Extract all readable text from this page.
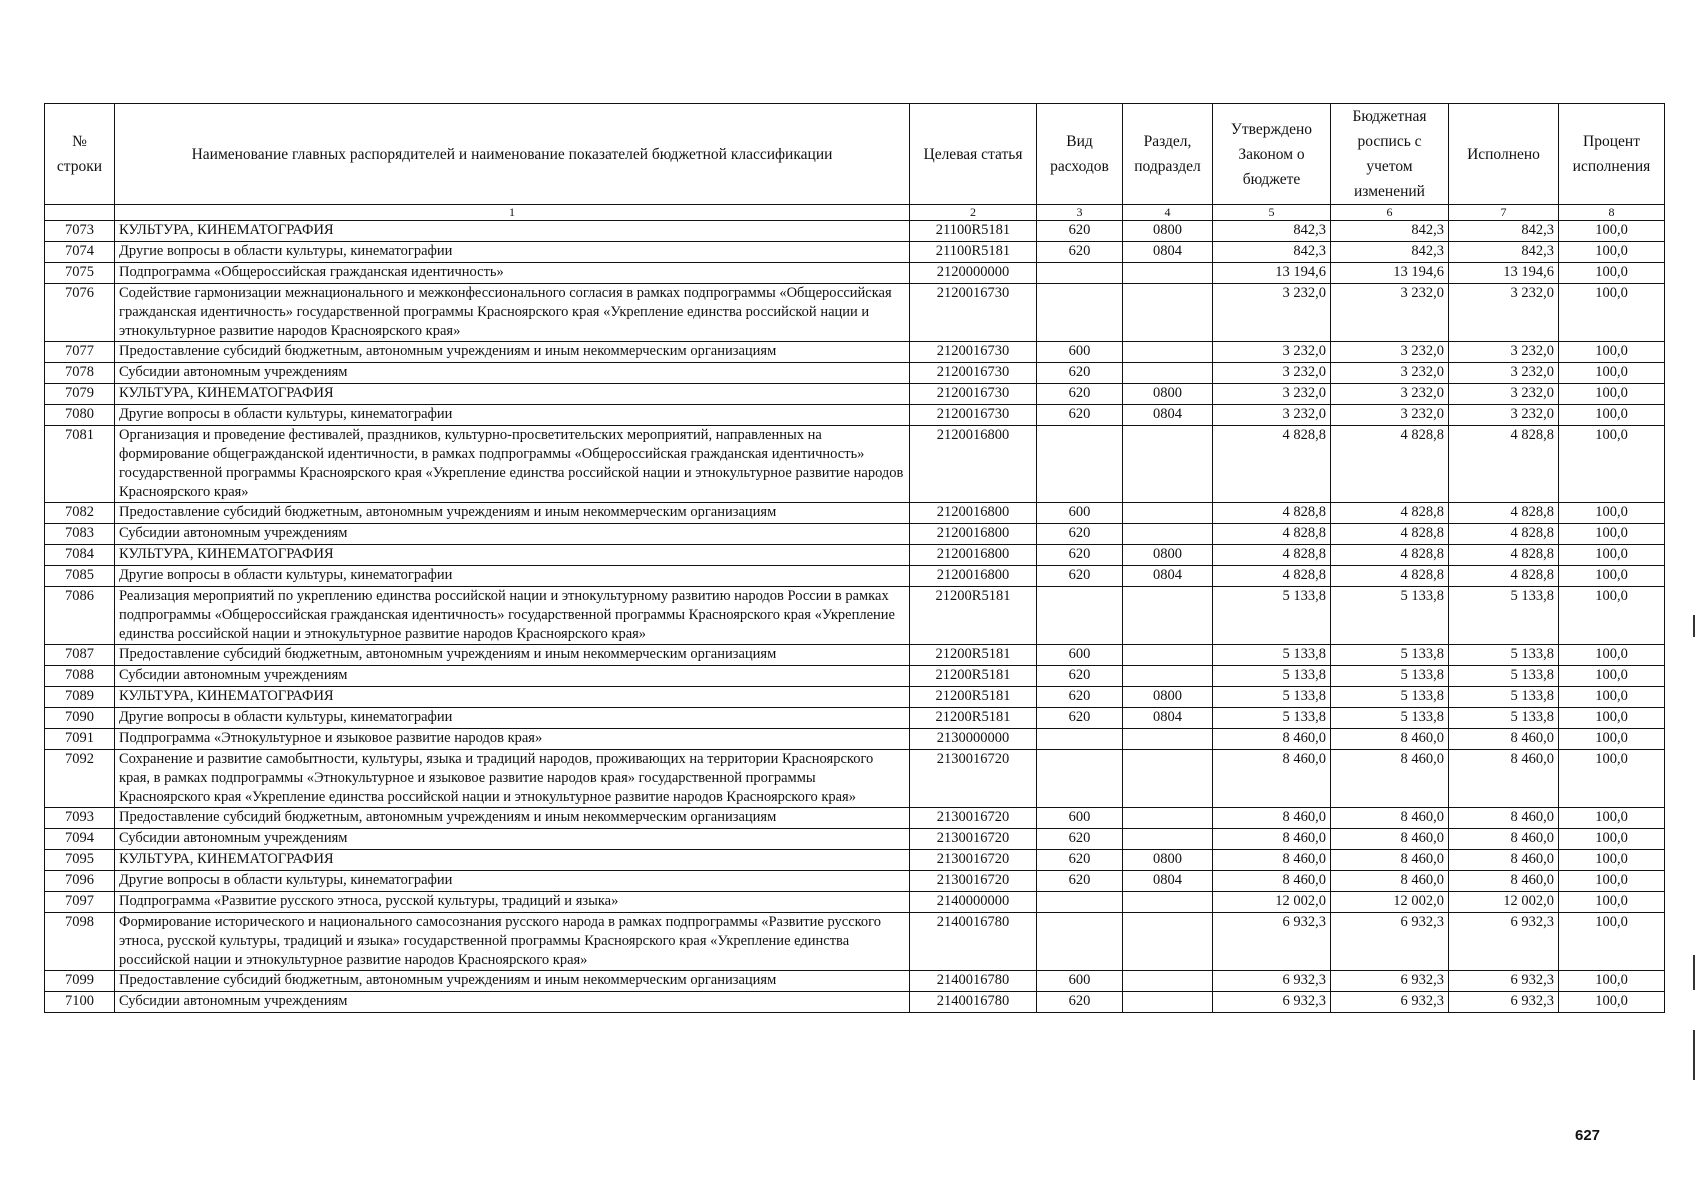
№ строки	Наименование главных распорядителей и наименование показателей бюджетной классификации	Целевая статья	Вид расходов	Раздел, подраздел	Утверждено Законом о бюджете	Бюджетная роспись с учетом изменений	Исполнено	Процент исполнения
	1	2	3	4	5	6	7	8
7073	КУЛЬТУРА, КИНЕМАТОГРАФИЯ	21100R5181	620	0800	842,3	842,3	842,3	100,0
7074	Другие вопросы в области культуры, кинематографии	21100R5181	620	0804	842,3	842,3	842,3	100,0
7075	Подпрограмма «Общероссийская гражданская идентичность»	2120000000			13 194,6	13 194,6	13 194,6	100,0
7076	Содействие гармонизации межнационального и межконфессионального согласия в рамках подпрограммы «Общероссийская гражданская идентичность» государственной программы Красноярского края «Укрепление единства российской нации и этнокультурное развитие народов Красноярского края»	2120016730			3 232,0	3 232,0	3 232,0	100,0
7077	Предоставление субсидий бюджетным, автономным учреждениям и иным некоммерческим организациям	2120016730	600		3 232,0	3 232,0	3 232,0	100,0
7078	Субсидии автономным учреждениям	2120016730	620		3 232,0	3 232,0	3 232,0	100,0
7079	КУЛЬТУРА, КИНЕМАТОГРАФИЯ	2120016730	620	0800	3 232,0	3 232,0	3 232,0	100,0
7080	Другие вопросы в области культуры, кинематографии	2120016730	620	0804	3 232,0	3 232,0	3 232,0	100,0
7081	Организация и проведение фестивалей, праздников, культурно-просветительских мероприятий, направленных на формирование общегражданской идентичности, в рамках подпрограммы «Общероссийская гражданская идентичность» государственной программы Красноярского края «Укрепление единства российской нации и этнокультурное развитие народов Красноярского края»	2120016800			4 828,8	4 828,8	4 828,8	100,0
7082	Предоставление субсидий бюджетным, автономным учреждениям и иным некоммерческим организациям	2120016800	600		4 828,8	4 828,8	4 828,8	100,0
7083	Субсидии автономным учреждениям	2120016800	620		4 828,8	4 828,8	4 828,8	100,0
7084	КУЛЬТУРА, КИНЕМАТОГРАФИЯ	2120016800	620	0800	4 828,8	4 828,8	4 828,8	100,0
7085	Другие вопросы в области культуры, кинематографии	2120016800	620	0804	4 828,8	4 828,8	4 828,8	100,0
7086	Реализация мероприятий по укреплению единства российской нации и этнокультурному развитию народов России в рамках подпрограммы «Общероссийская гражданская идентичность» государственной программы Красноярского края «Укрепление единства российской нации и этнокультурное развитие народов Красноярского края»	21200R5181			5 133,8	5 133,8	5 133,8	100,0
7087	Предоставление субсидий бюджетным, автономным учреждениям и иным некоммерческим организациям	21200R5181	600		5 133,8	5 133,8	5 133,8	100,0
7088	Субсидии автономным учреждениям	21200R5181	620		5 133,8	5 133,8	5 133,8	100,0
7089	КУЛЬТУРА, КИНЕМАТОГРАФИЯ	21200R5181	620	0800	5 133,8	5 133,8	5 133,8	100,0
7090	Другие вопросы в области культуры, кинематографии	21200R5181	620	0804	5 133,8	5 133,8	5 133,8	100,0
7091	Подпрограмма «Этнокультурное и языковое развитие народов края»	2130000000			8 460,0	8 460,0	8 460,0	100,0
7092	Сохранение и развитие самобытности, культуры, языка и традиций народов, проживающих на территории Красноярского края, в рамках подпрограммы «Этнокультурное и языковое развитие народов края» государственной программы Красноярского края «Укрепление единства российской нации и этнокультурное развитие народов Красноярского края»	2130016720			8 460,0	8 460,0	8 460,0	100,0
7093	Предоставление субсидий бюджетным, автономным учреждениям и иным некоммерческим организациям	2130016720	600		8 460,0	8 460,0	8 460,0	100,0
7094	Субсидии автономным учреждениям	2130016720	620		8 460,0	8 460,0	8 460,0	100,0
7095	КУЛЬТУРА, КИНЕМАТОГРАФИЯ	2130016720	620	0800	8 460,0	8 460,0	8 460,0	100,0
7096	Другие вопросы в области культуры, кинематографии	2130016720	620	0804	8 460,0	8 460,0	8 460,0	100,0
7097	Подпрограмма «Развитие русского этноса, русской культуры, традиций и языка»	2140000000			12 002,0	12 002,0	12 002,0	100,0
7098	Формирование исторического и национального самосознания русского народа в рамках подпрограммы «Развитие русского этноса, русской культуры, традиций и языка» государственной программы Красноярского края «Укрепление единства российской нации и этнокультурное развитие народов Красноярского края»	2140016780			6 932,3	6 932,3	6 932,3	100,0
7099	Предоставление субсидий бюджетным, автономным учреждениям и иным некоммерческим организациям	2140016780	600		6 932,3	6 932,3	6 932,3	100,0
7100	Субсидии автономным учреждениям	2140016780	620		6 932,3	6 932,3	6 932,3	100,0
627
